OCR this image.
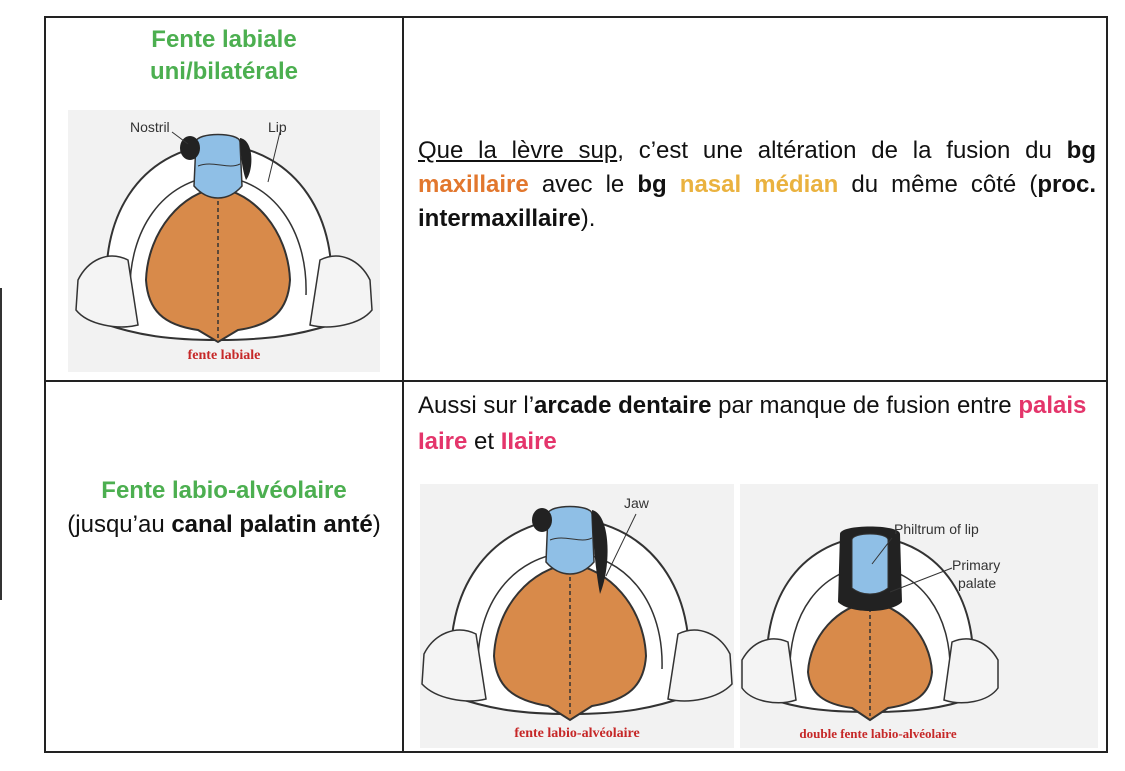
Fente labiale
uni/bilatérale
Nostril	Lip
fente labiale
Que la lèvre sup, c’est une altération de la fusion du bg maxillaire avec le bg nasal médian du même côté (proc. intermaxillaire).
Fente labio-alvéolaire
(jusqu’au canal palatin anté)
Aussi sur l’arcade dentaire par manque de fusion entre palais Iaire et IIaire
Jaw
fente labio-alvéolaire
Philtrum of lip
Primary
palate
double fente labio-alvéolaire
